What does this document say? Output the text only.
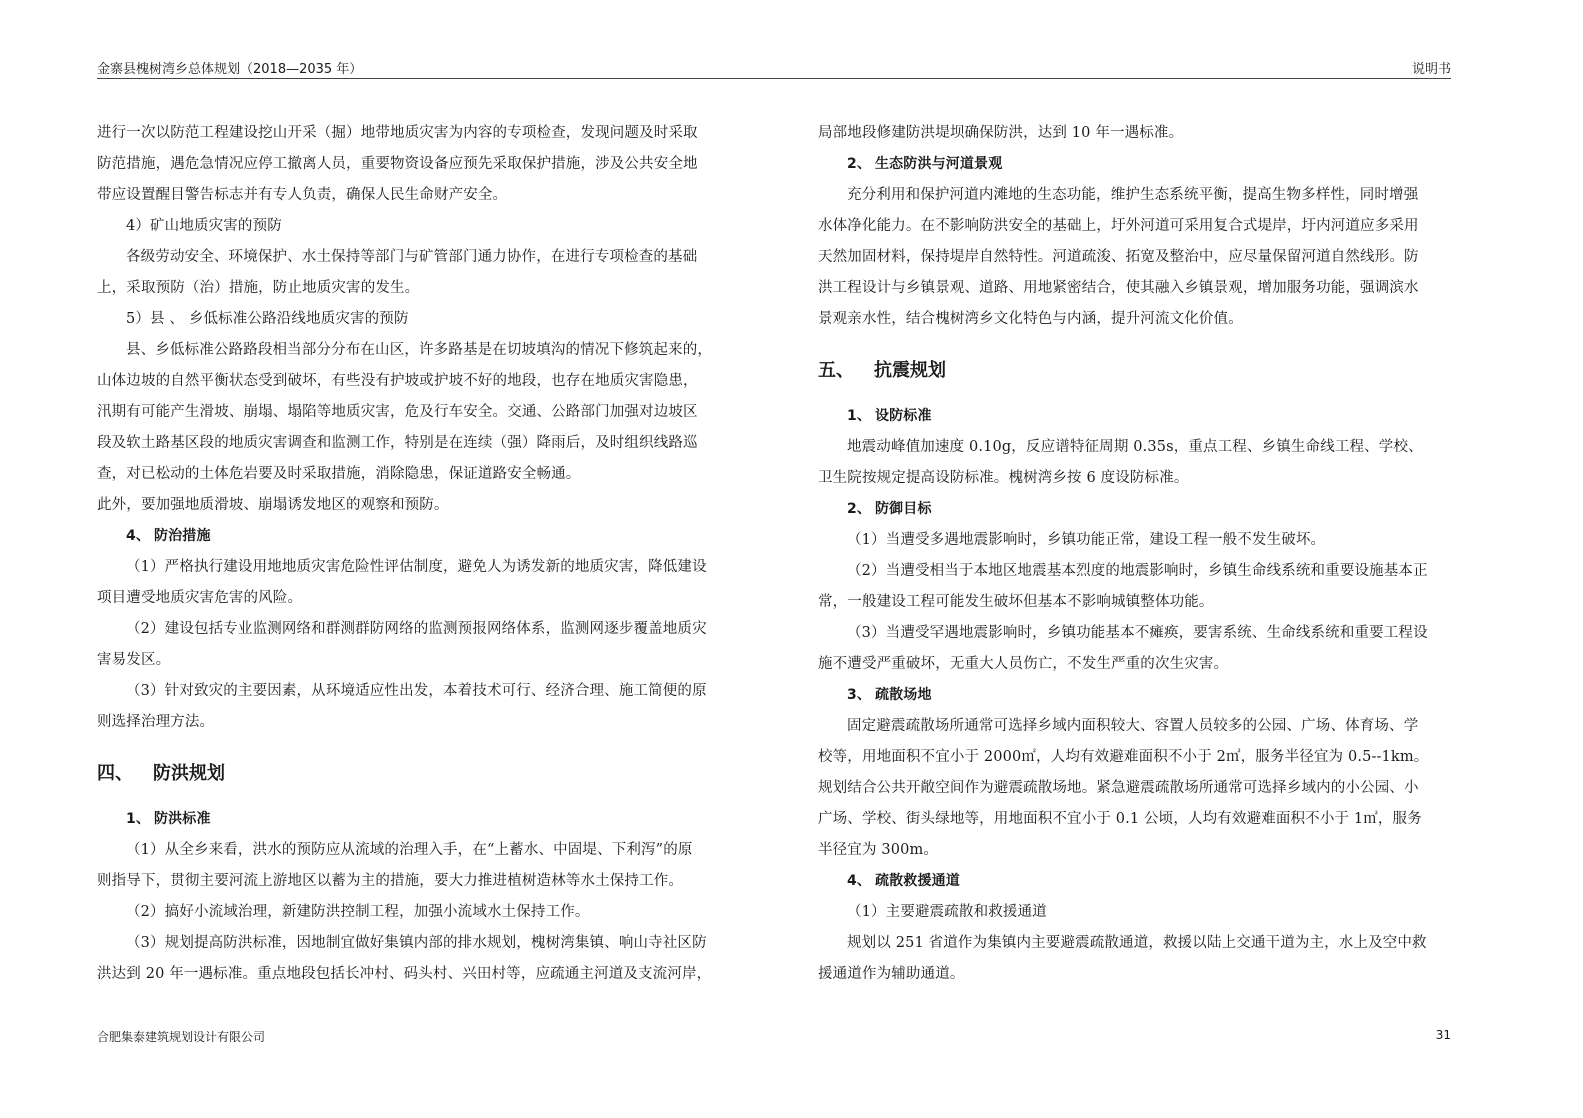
金寨县槐树湾乡总体规划（2018—2035 年）	说明书
进行一次以防范工程建设挖山开采（掘）地带地质灾害为内容的专项检查，发现问题及时采取
防范措施，遇危急情况应停工撤离人员，重要物资设备应预先采取保护措施，涉及公共安全地
带应设置醒目警告标志并有专人负责，确保人民生命财产安全。
4）矿山地质灾害的预防
各级劳动安全、环境保护、水土保持等部门与矿管部门通力协作，在进行专项检查的基础
上，采取预防（治）措施，防止地质灾害的发生。
5）县 、 乡低标准公路沿线地质灾害的预防
县、乡低标准公路路段相当部分分布在山区，许多路基是在切坡填沟的情况下修筑起来的，
山体边坡的自然平衡状态受到破坏，有些没有护坡或护坡不好的地段，也存在地质灾害隐患，
汛期有可能产生滑坡、崩塌、塌陷等地质灾害，危及行车安全。交通、公路部门加强对边坡区
段及软土路基区段的地质灾害调查和监测工作，特别是在连续（强）降雨后，及时组织线路巡
查，对已松动的土体危岩要及时采取措施，消除隐患，保证道路安全畅通。
此外，要加强地质滑坡、崩塌诱发地区的观察和预防。
4、 防治措施
（1）严格执行建设用地地质灾害危险性评估制度，避免人为诱发新的地质灾害，降低建设
项目遭受地质灾害危害的风险。
（2）建设包括专业监测网络和群测群防网络的监测预报网络体系，监测网逐步覆盖地质灾
害易发区。
（3）针对致灾的主要因素，从环境适应性出发，本着技术可行、经济合理、施工简便的原
则选择治理方法。
四、 防洪规划
1、 防洪标准
（1）从全乡来看，洪水的预防应从流域的治理入手，在“上蓄水、中固堤、下利泻”的原
则指导下，贯彻主要河流上游地区以蓄为主的措施，要大力推进植树造林等水土保持工作。
（2）搞好小流域治理，新建防洪控制工程，加强小流域水土保持工作。
（3）规划提高防洪标准，因地制宜做好集镇内部的排水规划，槐树湾集镇、响山寺社区防
洪达到 20 年一遇标准。重点地段包括长冲村、码头村、兴田村等，应疏通主河道及支流河岸，
局部地段修建防洪堤坝确保防洪，达到 10 年一遇标准。
2、 生态防洪与河道景观
充分利用和保护河道内滩地的生态功能，维护生态系统平衡，提高生物多样性，同时增强
水体净化能力。在不影响防洪安全的基础上，圩外河道可采用复合式堤岸，圩内河道应多采用
天然加固材料，保持堤岸自然特性。河道疏浚、拓宽及整治中，应尽量保留河道自然线形。防
洪工程设计与乡镇景观、道路、用地紧密结合，使其融入乡镇景观，增加服务功能，强调滨水
景观亲水性，结合槐树湾乡文化特色与内涵，提升河流文化价值。
五、 抗震规划
1、 设防标准
地震动峰值加速度 0.10g，反应谱特征周期 0.35s，重点工程、乡镇生命线工程、学校、
卫生院按规定提高设防标准。槐树湾乡按 6 度设防标准。
2、 防御目标
（1）当遭受多遇地震影响时，乡镇功能正常，建设工程一般不发生破坏。
（2）当遭受相当于本地区地震基本烈度的地震影响时，乡镇生命线系统和重要设施基本正
常，一般建设工程可能发生破坏但基本不影响城镇整体功能。
（3）当遭受罕遇地震影响时，乡镇功能基本不瘫痪，要害系统、生命线系统和重要工程设
施不遭受严重破坏，无重大人员伤亡，不发生严重的次生灾害。
3、 疏散场地
固定避震疏散场所通常可选择乡域内面积较大、容置人员较多的公园、广场、体育场、学
校等，用地面积不宜小于 2000㎡，人均有效避难面积不小于 2㎡，服务半径宜为 0.5--1km。
规划结合公共开敞空间作为避震疏散场地。紧急避震疏散场所通常可选择乡域内的小公园、小
广场、学校、街头绿地等，用地面积不宜小于 0.1 公顷，人均有效避难面积不小于 1㎡，服务
半径宜为 300m。
4、 疏散救援通道
（1）主要避震疏散和救援通道
规划以 251 省道作为集镇内主要避震疏散通道，救援以陆上交通干道为主，水上及空中救
援通道作为辅助通道。
合肥集泰建筑规划设计有限公司	31
